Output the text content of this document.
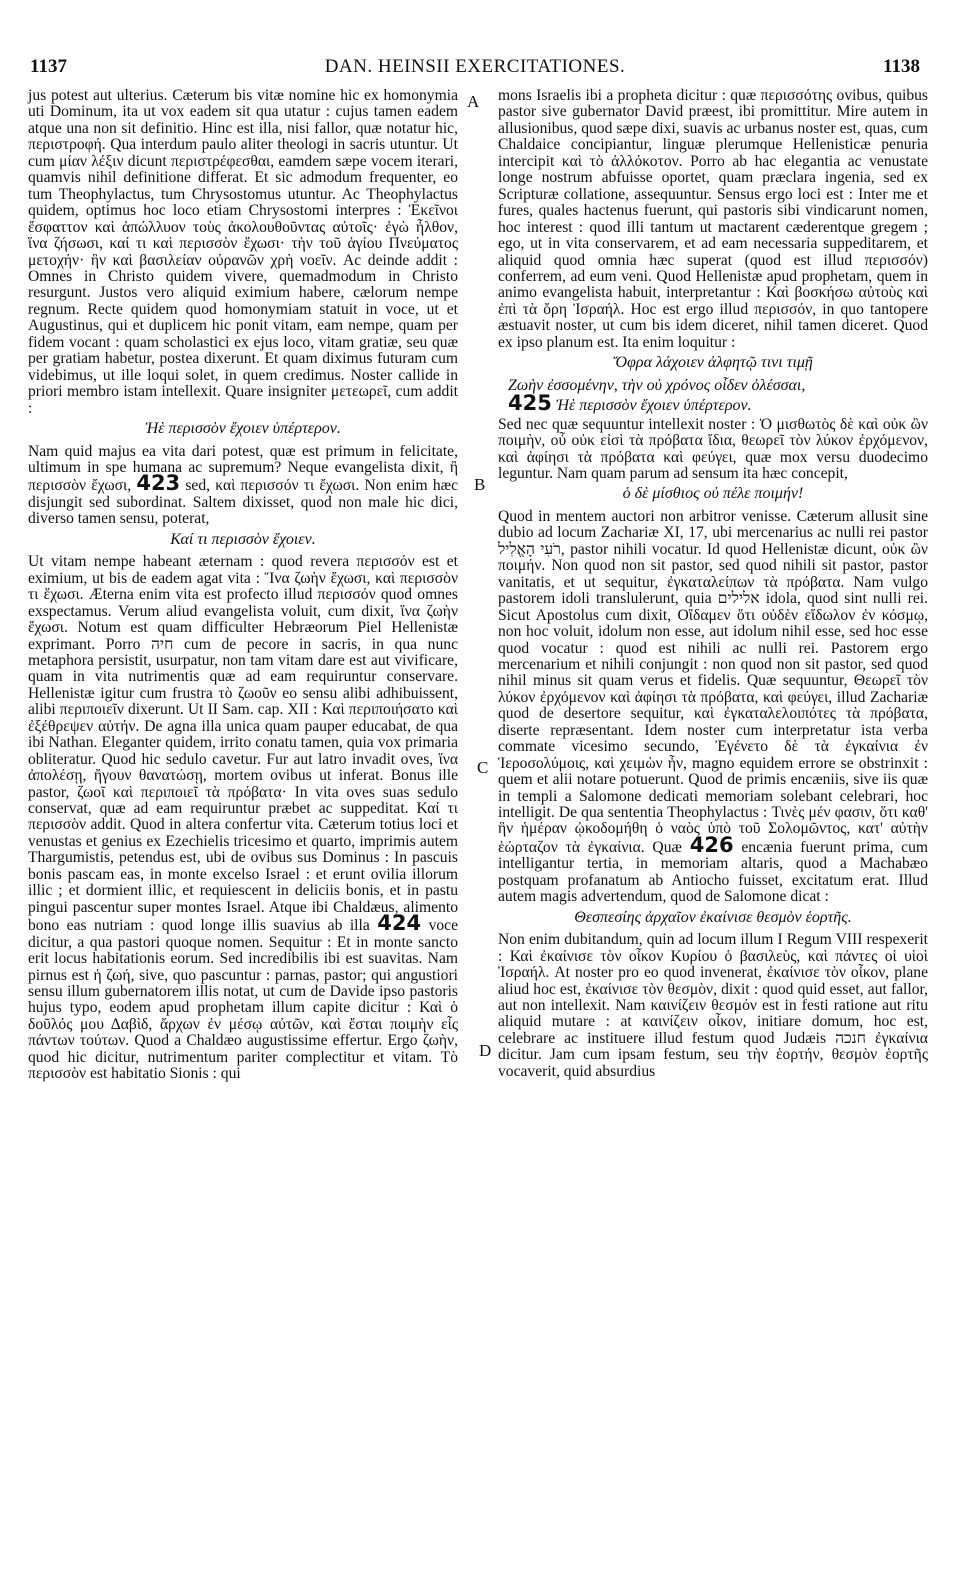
1137	DAN. HEINSII EXERCITATIONES.	1138
A
B
C
D

jus potest aut ulterius. Cæterum bis vitæ nomine hic ex homonymia uti Dominum, ita ut vox eadem sit qua utatur : cujus tamen eadem atque una non sit definitio. Hinc est illa, nisi fallor, quæ notatur hic, περιστροφή. Qua interdum paulo aliter theologi in sacris utuntur. Ut cum μίαν λέξιν dicunt περιστρέφεσθαι, eamdem sæpe vocem iterari, quamvis nihil definitione differat. Et sic admodum frequenter, eo tum Theophylactus, tum Chrysostomus utuntur. Ac Theophylactus quidem, optimus hoc loco etiam Chrysostomi interpres : Ἐκεῖνοι ἔσφαττον καὶ ἀπώλλυον τοὺς ἀκολουθοῦντας αὐτοῖς· ἐγὼ ἦλθον, ἵνα ζήσωσι, καί τι καὶ περισσὸν ἔχωσι· τὴν τοῦ ἁγίου Πνεύματος μετοχήν· ἣν καὶ βασιλείαν οὐρανῶν χρὴ νοεῖν. Ac deinde addit : Omnes in Christo quidem vivere, quemadmodum in Christo resurgunt. Justos vero aliquid eximium habere, cælorum nempe regnum. Recte quidem quod homonymiam statuit in voce, ut et Augustinus, qui et duplicem hic ponit vitam, eam nempe, quam per fidem vocant : quam scholastici ex ejus loco, vitam gratiæ, seu quæ per gratiam habetur, postea dixerunt. Et quam diximus futuram cum videbimus, ut ille loqui solet, in quem credimus. Noster callide in priori membro istam intellexit. Quare insigniter μετεωρεῖ, cum addit :

Ἠὲ περισσὸν ἔχοιεν ὑπέρτερον.

Nam quid majus ea vita dari potest, quæ est primum in felicitate, ultimum in spe humana ac supremum? Neque evangelista dixit, ἢ περισσὸν ἔχωσι, 423 sed, καὶ περισσόν τι ἔχωσι. Non enim hæc disjungit sed subordinat. Saltem dixisset, quod non male hic dici, diverso tamen sensu, poterat,

Καί τι περισσὸν ἔχοιεν.

Ut vitam nempe habeant æternam : quod revera περισσόν est et eximium, ut bis de eadem agat vita : Ἵνα ζωὴν ἔχωσι, καὶ περισσὸν τι ἔχωσι. Æterna enim vita est profecto illud περισσόν quod omnes exspectamus. Verum aliud evangelista voluit, cum dixit, ἵνα ζωὴν ἔχωσι. Notum est quam difficulter Hebræorum Piel Hellenistæ exprimant. Porro חיה cum de pecore in sacris, in qua nunc metaphora persistit, usurpatur, non tam vitam dare est aut vivificare, quam in vita nutrimentis quæ ad eam requiruntur conservare. Hellenistæ igitur cum frustra τὸ ζωοῦν eo sensu alibi adhibuissent, alibi περιποιεῖν dixerunt. Ut II Sam. cap. XII : Καὶ περιποιήσατο καὶ ἐξέθρεψεν αὐτήν. De agna illa unica quam pauper educabat, de qua ibi Nathan. Eleganter quidem, irrito conatu tamen, quia vox primaria obliteratur. Quod hic sedulo cavetur. Fur aut latro invadit oves, ἵνα ἀπολέσῃ, ἤγουν θανατώσῃ, mortem ovibus ut inferat. Bonus ille pastor, ζωοῖ καὶ περιποιεῖ τὰ πρόβατα· In vita oves suas sedulo conservat, quæ ad eam requiruntur præbet ac suppeditat. Καί τι περισσὸν addit. Quod in altera confertur vita. Cæterum totius loci et venustas et genius ex Ezechielis tricesimo et quarto, imprimis autem Thargumistis, petendus est, ubi de ovibus sus Dominus : In pascuis bonis pascam eas, in monte excelso Israel : et erunt ovilia illorum illic ; et dormient illic, et requiescent in deliciis bonis, et in pastu pingui pascentur super montes Israel. Atque ibi Chaldæus, alimento bono eas nutriam : quod longe illis suavius ab illa 424 voce dicitur, a qua pastori quoque nomen. Sequitur : Et in monte sancto erit locus habitationis eorum. Sed incredibilis ibi est suavitas. Nam pirnus est ἡ ζωή, sive, quo pascuntur : parnas, pastor; qui angustiori sensu illum gubernatorem illis notat, ut cum de Davide ipso pastoris hujus typo, eodem apud prophetam illum capite dicitur : Καὶ ὁ δοῦλός μου Δαβὶδ, ἄρχων ἐν μέσῳ αὐτῶν, καὶ ἔσται ποιμὴν εἷς πάντων τούτων. Quod a Chaldæo augustissime effertur. Ergo ζωὴν, quod hic dicitur, nutrimentum pariter complectitur et vitam. Τὸ περισσὸν est habitatio Sionis : qui

mons Israelis ibi a propheta dicitur : quæ περισσότης ovibus, quibus pastor sive gubernator David præest, ibi promittitur. Mire autem in allusionibus, quod sæpe dixi, suavis ac urbanus noster est, quas, cum Chaldaice concipiantur, linguæ plerumque Hellenisticæ penuria intercipit καὶ τὸ ἀλλόκοτον. Porro ab hac elegantia ac venustate longe nostrum abfuisse oportet, quam præclara ingenia, sed ex Scripturæ collatione, assequuntur. Sensus ergo loci est : Inter me et fures, quales hactenus fuerunt, qui pastoris sibi vindicarunt nomen, hoc interest : quod illi tantum ut mactarent cæderentque gregem ; ego, ut in vita conservarem, et ad eam necessaria suppeditarem, et aliquid quod omnia hæc superat (quod est illud περισσόν) conferrem, ad eum veni. Quod Hellenistæ apud prophetam, quem in animo evangelista habuit, interpretantur : Καὶ βοσκήσω αὐτοὺς καὶ ἐπὶ τὰ ὄρη Ἰσραήλ. Hoc est ergo illud περισσόν, in quo tantopere æstuavit noster, ut cum bis idem diceret, nihil tamen diceret. Quod ex ipso planum est. Ita enim loquitur :

Ὄφρα λάχοιεν ἀλφητῷ τινι τιμῇ
Ζωὴν ἐσσομένην, τὴν οὐ χρόνος οἶδεν ὀλέσσαι,
425 Ἠὲ περισσὸν ἔχοιεν ὑπέρτερον.

Sed nec quæ sequuntur intellexit noster : Ὁ μισθωτὸς δὲ καὶ οὐκ ὢν ποιμὴν, οὗ οὐκ εἰσὶ τὰ πρόβατα ἴδια, θεωρεῖ τὸν λύκον ἐρχόμενον, καὶ ἀφίησι τὰ πρόβατα καὶ φεύγει, quæ mox versu duodecimo leguntur. Nam quam parum ad sensum ita hæc concepit,

ὁ δὲ μίσθιος οὐ πέλε ποιμήν!

Quod in mentem auctori non arbitror venisse. Cæterum allusit sine dubio ad locum Zachariæ XI, 17, ubi mercenarius ac nulli rei pastor רֹעִי הָאֱלִיל, pastor nihili vocatur. Id quod Hellenistæ dicunt, οὐκ ὢν ποιμήν. Non quod non sit pastor, sed quod nihili sit pastor, pastor vanitatis, et ut sequitur, ἐγκαταλείπων τὰ πρόβατα. Nam vulgo pastorem idoli translulerunt, quia אלילים idola, quod sint nulli rei. Sicut Apostolus cum dixit, Οἴδαμεν ὅτι οὐδὲν εἴδωλον ἐν κόσμῳ, non hoc voluit, idolum non esse, aut idolum nihil esse, sed hoc esse quod vocatur : quod est nihili ac nulli rei. Pastorem ergo mercenarium et nihili conjungit : non quod non sit pastor, sed quod nihil minus sit quam verus et fidelis. Quæ sequuntur, Θεωρεῖ τὸν λύκον ἐρχόμενον καὶ ἀφίησι τὰ πρόβατα, καὶ φεύγει, illud Zachariæ quod de desertore sequitur, καὶ ἐγκαταλελοιπότες τὰ πρόβατα, diserte repræsentant. Idem noster cum interpretatur ista verba commate vicesimo secundo, Ἐγένετο δὲ τὰ ἐγκαίνια ἐν Ἱεροσολύμοις, καὶ χειμὼν ἦν, magno equidem errore se obstrinxit : quem et alii notare potuerunt. Quod de primis encæniis, sive iis quæ in templi a Salomone dedicati memoriam solebant celebrari, hoc intelligit. De qua sententia Theophylactus : Τινὲς μέν φασιν, ὅτι καθ' ἣν ἡμέραν ᾠκοδομήθη ὁ ναὸς ὑπὸ τοῦ Σολομῶντος, κατ' αὐτὴν ἑώρταζον τὰ ἐγκαίνια. Quæ 426 encænia fuerunt prima, cum intelligantur tertia, in memoriam altaris, quod a Machabæo postquam profanatum ab Antiocho fuisset, excitatum erat. Illud autem magis advertendum, quod de Salomone dicat :

Θεσπεσίης ἀρχαῖον ἐκαίνισε θεσμὸν ἑορτῆς.

Non enim dubitandum, quin ad locum illum I Regum VIII respexerit : Καὶ ἐκαίνισε τὸν οἶκον Κυρίου ὁ βασιλεὺς, καὶ πάντες οἱ υἱοὶ Ἰσραήλ. At noster pro eo quod invenerat, ἐκαίνισε τὸν οἶκον, plane aliud hoc est, ἐκαίνισε τὸν θεσμὸν, dixit : quod quid esset, aut fallor, aut non intellexit. Nam καινίζειν θεσμόν est in festi ratione aut ritu aliquid mutare : at καινίζειν οἶκον, initiare domum, hoc est, celebrare ac instituere illud festum quod Judæis חנכה ἐγκαίνια dicitur. Jam cum ipsam festum, seu τὴν ἑορτήν, θεσμὸν ἑορτῆς vocaverit, quid absurdius
